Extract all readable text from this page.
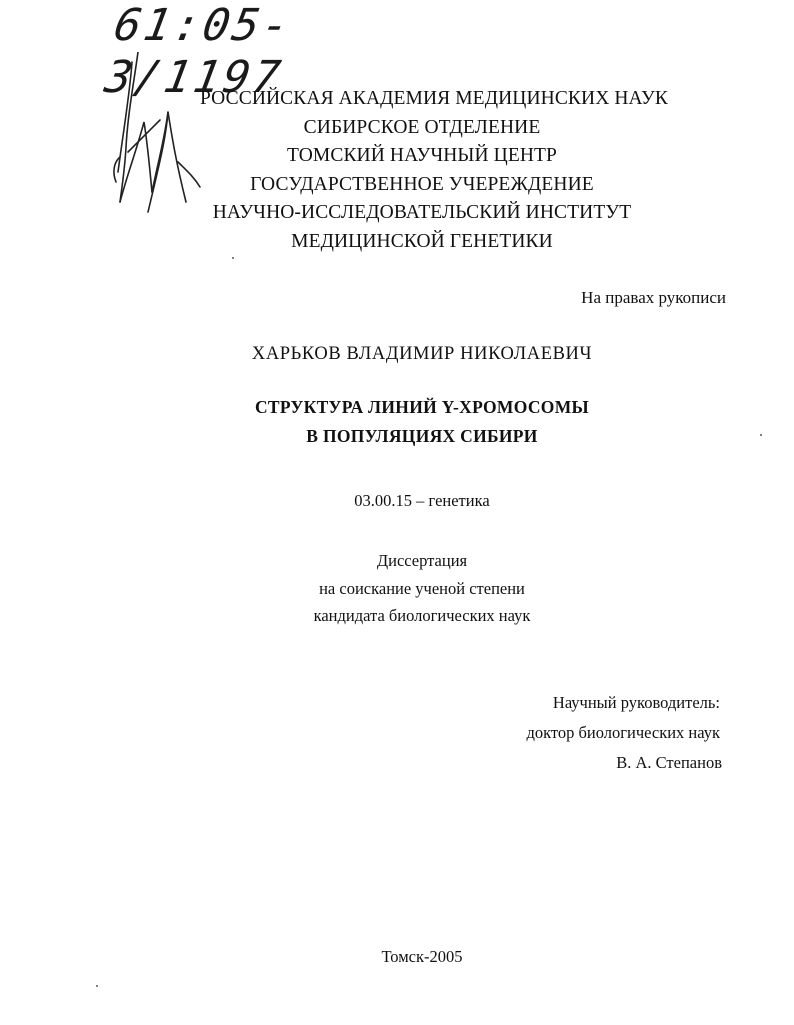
61:05-3/1197
РОССИЙСКАЯ АКАДЕМИЯ МЕДИЦИНСКИХ НАУК
СИБИРСКОЕ ОТДЕЛЕНИЕ
ТОМСКИЙ НАУЧНЫЙ ЦЕНТР
ГОСУДАРСТВЕННОЕ УЧЕРЕЖДЕНИЕ
НАУЧНО-ИССЛЕДОВАТЕЛЬСКИЙ ИНСТИТУТ
МЕДИЦИНСКОЙ ГЕНЕТИКИ
На правах рукописи
ХАРЬКОВ ВЛАДИМИР НИКОЛАЕВИЧ
СТРУКТУРА ЛИНИЙ Y-ХРОМОСОМЫ
В ПОПУЛЯЦИЯХ СИБИРИ
03.00.15 – генетика
Диссертация
на соискание ученой степени
кандидата биологических наук
Научный руководитель:
доктор биологических наук
В. А. Степанов
Томск-2005
